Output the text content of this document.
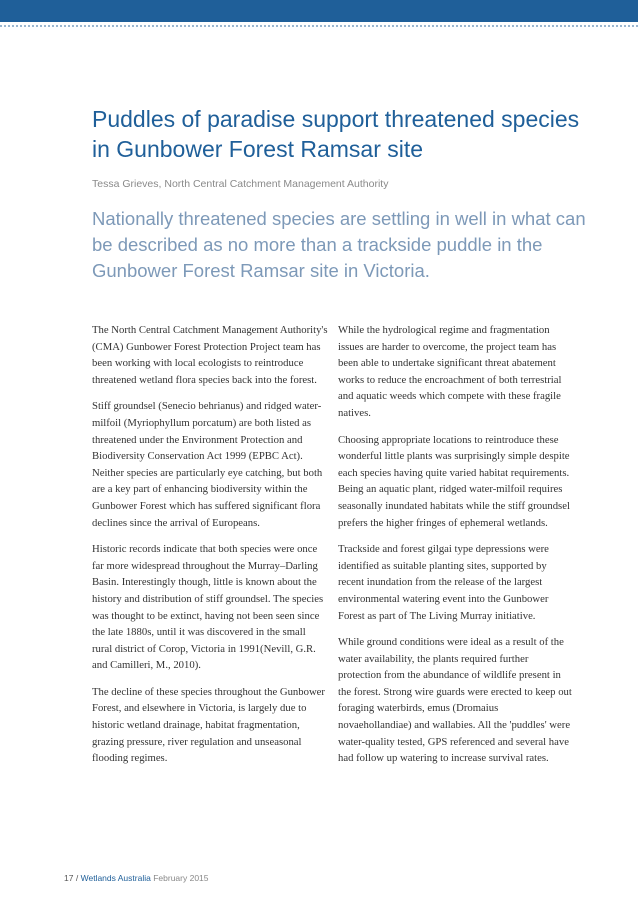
Puddles of paradise support threatened species in Gunbower Forest Ramsar site

Tessa Grieves, North Central Catchment Management Authority

Nationally threatened species are settling in well in what can be described as no more than a trackside puddle in the Gunbower Forest Ramsar site in Victoria.

The North Central Catchment Management Authority's (CMA) Gunbower Forest Protection Project team has been working with local ecologists to reintroduce threatened wetland flora species back into the forest.

Stiff groundsel (Senecio behrianus) and ridged water-milfoil (Myriophyllum porcatum) are both listed as threatened under the Environment Protection and Biodiversity Conservation Act 1999 (EPBC Act). Neither species are particularly eye catching, but both are a key part of enhancing biodiversity within the Gunbower Forest which has suffered significant flora declines since the arrival of Europeans.

Historic records indicate that both species were once far more widespread throughout the Murray–Darling Basin. Interestingly though, little is known about the history and distribution of stiff groundsel. The species was thought to be extinct, having not been seen since the late 1880s, until it was discovered in the small rural district of Corop, Victoria in 1991(Nevill, G.R. and Camilleri, M., 2010).

The decline of these species throughout the Gunbower Forest, and elsewhere in Victoria, is largely due to historic wetland drainage, habitat fragmentation, grazing pressure, river regulation and unseasonal flooding regimes.

While the hydrological regime and fragmentation issues are harder to overcome, the project team has been able to undertake significant threat abatement works to reduce the encroachment of both terrestrial and aquatic weeds which compete with these fragile natives.

Choosing appropriate locations to reintroduce these wonderful little plants was surprisingly simple despite each species having quite varied habitat requirements. Being an aquatic plant, ridged water-milfoil requires seasonally inundated habitats while the stiff groundsel prefers the higher fringes of ephemeral wetlands.

Trackside and forest gilgai type depressions were identified as suitable planting sites, supported by recent inundation from the release of the largest environmental watering event into the Gunbower Forest as part of The Living Murray initiative.

While ground conditions were ideal as a result of the water availability, the plants required further protection from the abundance of wildlife present in the forest. Strong wire guards were erected to keep out foraging waterbirds, emus (Dromaius novaehollandiae) and wallabies. All the 'puddles' were water-quality tested, GPS referenced and several have had follow up watering to increase survival rates.

17 / Wetlands Australia February 2015
